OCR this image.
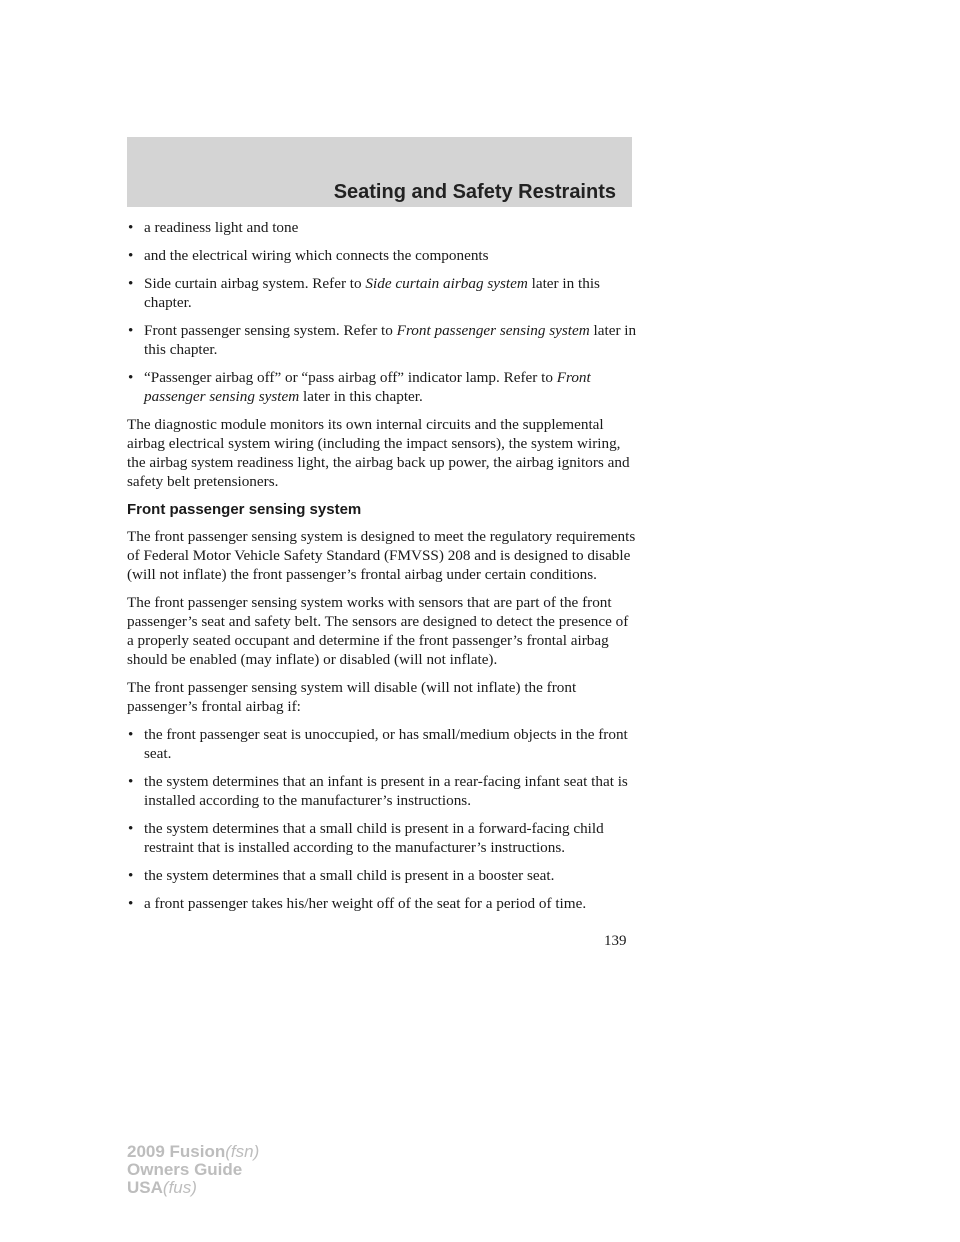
Seating and Safety Restraints
• a readiness light and tone
• and the electrical wiring which connects the components
• Side curtain airbag system. Refer to Side curtain airbag system later in this chapter.
• Front passenger sensing system. Refer to Front passenger sensing system later in this chapter.
• “Passenger airbag off” or “pass airbag off” indicator lamp. Refer to Front passenger sensing system later in this chapter.

The diagnostic module monitors its own internal circuits and the supplemental airbag electrical system wiring (including the impact sensors), the system wiring, the airbag system readiness light, the airbag back up power, the airbag ignitors and safety belt pretensioners.

Front passenger sensing system

The front passenger sensing system is designed to meet the regulatory requirements of Federal Motor Vehicle Safety Standard (FMVSS) 208 and is designed to disable (will not inflate) the front passenger’s frontal airbag under certain conditions.

The front passenger sensing system works with sensors that are part of the front passenger’s seat and safety belt. The sensors are designed to detect the presence of a properly seated occupant and determine if the front passenger’s frontal airbag should be enabled (may inflate) or disabled (will not inflate).

The front passenger sensing system will disable (will not inflate) the front passenger’s frontal airbag if:

• the front passenger seat is unoccupied, or has small/medium objects in the front seat.
• the system determines that an infant is present in a rear-facing infant seat that is installed according to the manufacturer’s instructions.
• the system determines that a small child is present in a forward-facing child restraint that is installed according to the manufacturer’s instructions.
• the system determines that a small child is present in a booster seat.
• a front passenger takes his/her weight off of the seat for a period of time.
139
2009 Fusion(fsn)
Owners Guide
USA(fus)
